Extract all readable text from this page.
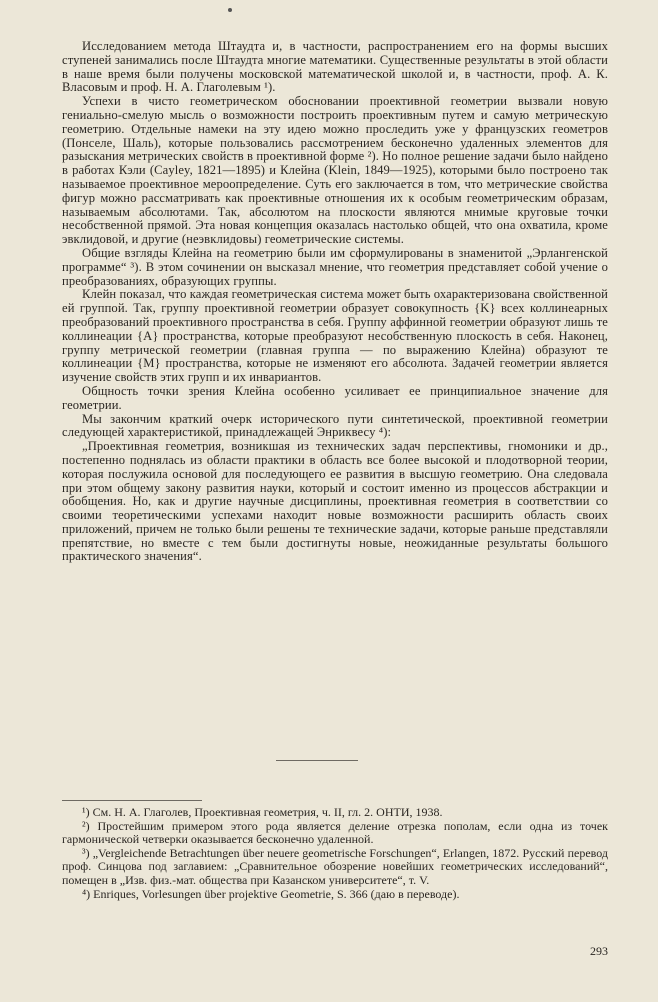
Исследованием метода Штаудта и, в частности, распространением его на формы высших ступеней занимались после Штаудта многие математики. Существенные результаты в этой области в наше время были получены московской математической школой и, в частности, проф. А. К. Власовым и проф. Н. А. Глаголевым ¹).

Успехи в чисто геометрическом обосновании проективной геометрии вызвали новую гениально-смелую мысль о возможности построить проективным путем и самую метрическую геометрию. Отдельные намеки на эту идею можно проследить уже у французских геометров (Понселе, Шаль), которые пользовались рассмотрением бесконечно удаленных элементов для разыскания метрических свойств в проективной форме ²). Но полное решение задачи было найдено в работах Кэли (Cayley, 1821—1895) и Клейна (Klein, 1849—1925), которыми было построено так называемое проективное мероопределение. Суть его заключается в том, что метрические свойства фигур можно рассматривать как проективные отношения их к особым геометрическим образам, называемым абсолютами. Так, абсолютом на плоскости являются мнимые круговые точки несобственной прямой. Эта новая концепция оказалась настолько общей, что она охватила, кроме эвклидовой, и другие (неэвклидовы) геометрические системы.

Общие взгляды Клейна на геометрию были им сформулированы в знаменитой „Эрлангенской программе“ ³). В этом сочинении он высказал мнение, что геометрия представляет собой учение о преобразованиях, образующих группы.

Клейн показал, что каждая геометрическая система может быть охарактеризована свойственной ей группой. Так, группу проективной геометрии образует совокупность {K} всех коллинеарных преобразований проективного пространства в себя. Группу аффинной геометрии образуют лишь те коллинеации {A} пространства, которые преобразуют несобственную плоскость в себя. Наконец, группу метрической геометрии (главная группа — по выражению Клейна) образуют те коллинеации {M} пространства, которые не изменяют его абсолюта. Задачей геометрии является изучение свойств этих групп и их инвариантов.

Общность точки зрения Клейна особенно усиливает ее принципиальное значение для геометрии.

Мы закончим краткий очерк исторического пути синтетической, проективной геометрии следующей характеристикой, принадлежащей Энриквесу ⁴):

„Проективная геометрия, возникшая из технических задач перспективы, гномоники и др., постепенно поднялась из области практики в область все более высокой и плодотворной теории, которая послужила основой для последующего ее развития в высшую геометрию. Она следовала при этом общему закону развития науки, который и состоит именно из процессов абстракции и обобщения. Но, как и другие научные дисциплины, проективная геометрия в соответствии со своими теоретическими успехами находит новые возможности расширить область своих приложений, причем не только были решены те технические задачи, которые раньше представляли препятствие, но вместе с тем были достигнуты новые, неожиданные результаты большого практического значения“.

¹) См. Н. А. Глаголев, Проективная геометрия, ч. II, гл. 2. ОНТИ, 1938.

²) Простейшим примером этого рода является деление отрезка пополам, если одна из точек гармонической четверки оказывается бесконечно удаленной.

³) „Vergleichende Betrachtungen über neuere geometrische Forschungen“, Erlangen, 1872. Русский перевод проф. Синцова под заглавием: „Сравнительное обозрение новейших геометрических исследований“, помещен в „Изв. физ.-мат. общества при Казанском университете“, т. V.

⁴) Enriques, Vorlesungen über projektive Geometrie, S. 366 (даю в переводе).

293
